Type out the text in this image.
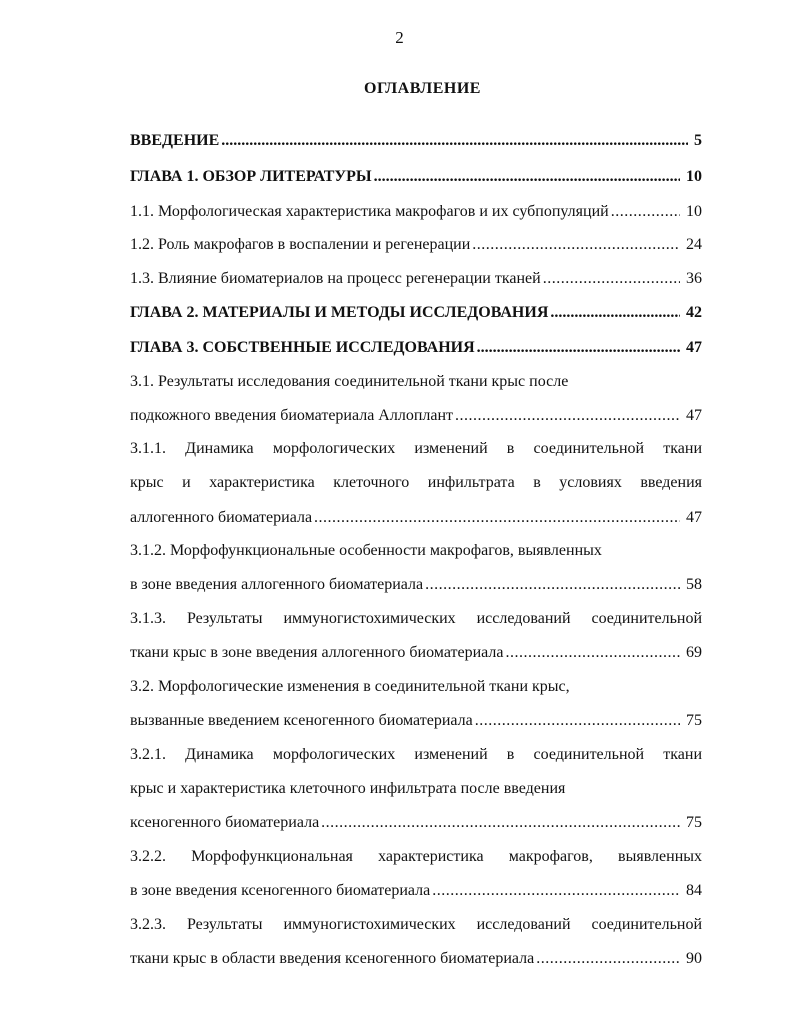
2
ОГЛАВЛЕНИЕ
ВВЕДЕНИЕ .....	5
ГЛАВА 1. ОБЗОР ЛИТЕРАТУРЫ .....	10
1.1. Морфологическая характеристика макрофагов и их субпопуляций .....	10
1.2. Роль макрофагов в воспалении и регенерации .....	24
1.3. Влияние биоматериалов на процесс регенерации тканей .....	36
ГЛАВА 2. МАТЕРИАЛЫ И МЕТОДЫ ИССЛЕДОВАНИЯ .....	42
ГЛАВА 3. СОБСТВЕННЫЕ ИССЛЕДОВАНИЯ .....	47
3.1. Результаты исследования соединительной ткани крыс после
подкожного введения биоматериала Аллоплант .....	47
3.1.1. Динамика морфологических изменений в соединительной ткани
крыс и характеристика клеточного инфильтрата в условиях введения
аллогенного биоматериала .....	47
3.1.2. Морфофункциональные особенности макрофагов, выявленных
в зоне введения аллогенного биоматериала .....	58
3.1.3. Результаты иммуногистохимических исследований соединительной
ткани крыс в зоне введения аллогенного биоматериала .....	69
3.2. Морфологические изменения в соединительной ткани крыс,
вызванные введением ксеногенного биоматериала .....	75
3.2.1. Динамика морфологических изменений в соединительной ткани
крыс и характеристика клеточного инфильтрата после введения
ксеногенного биоматериала .....	75
3.2.2. Морфофункциональная характеристика макрофагов, выявленных
в зоне введения ксеногенного биоматериала .....	84
3.2.3. Результаты иммуногистохимических исследований соединительной
ткани крыс в области введения ксеногенного биоматериала .....	90
